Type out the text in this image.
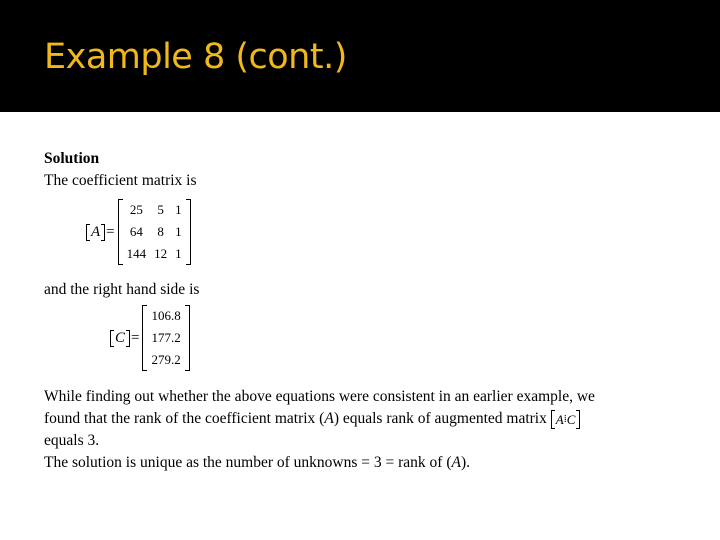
Example 8 (cont.)
Solution
The coefficient matrix is
A =
25	5	1
64	8	1
144	12	1
and the right hand side is
C =
106.8
177.2
279.2
While finding out whether the above equations were consistent in an earlier example, we
found that the rank of the coefficient matrix (A) equals rank of augmented matrix A ⁞ C
equals 3.
The solution is unique as the number of unknowns = 3 = rank of (A).
